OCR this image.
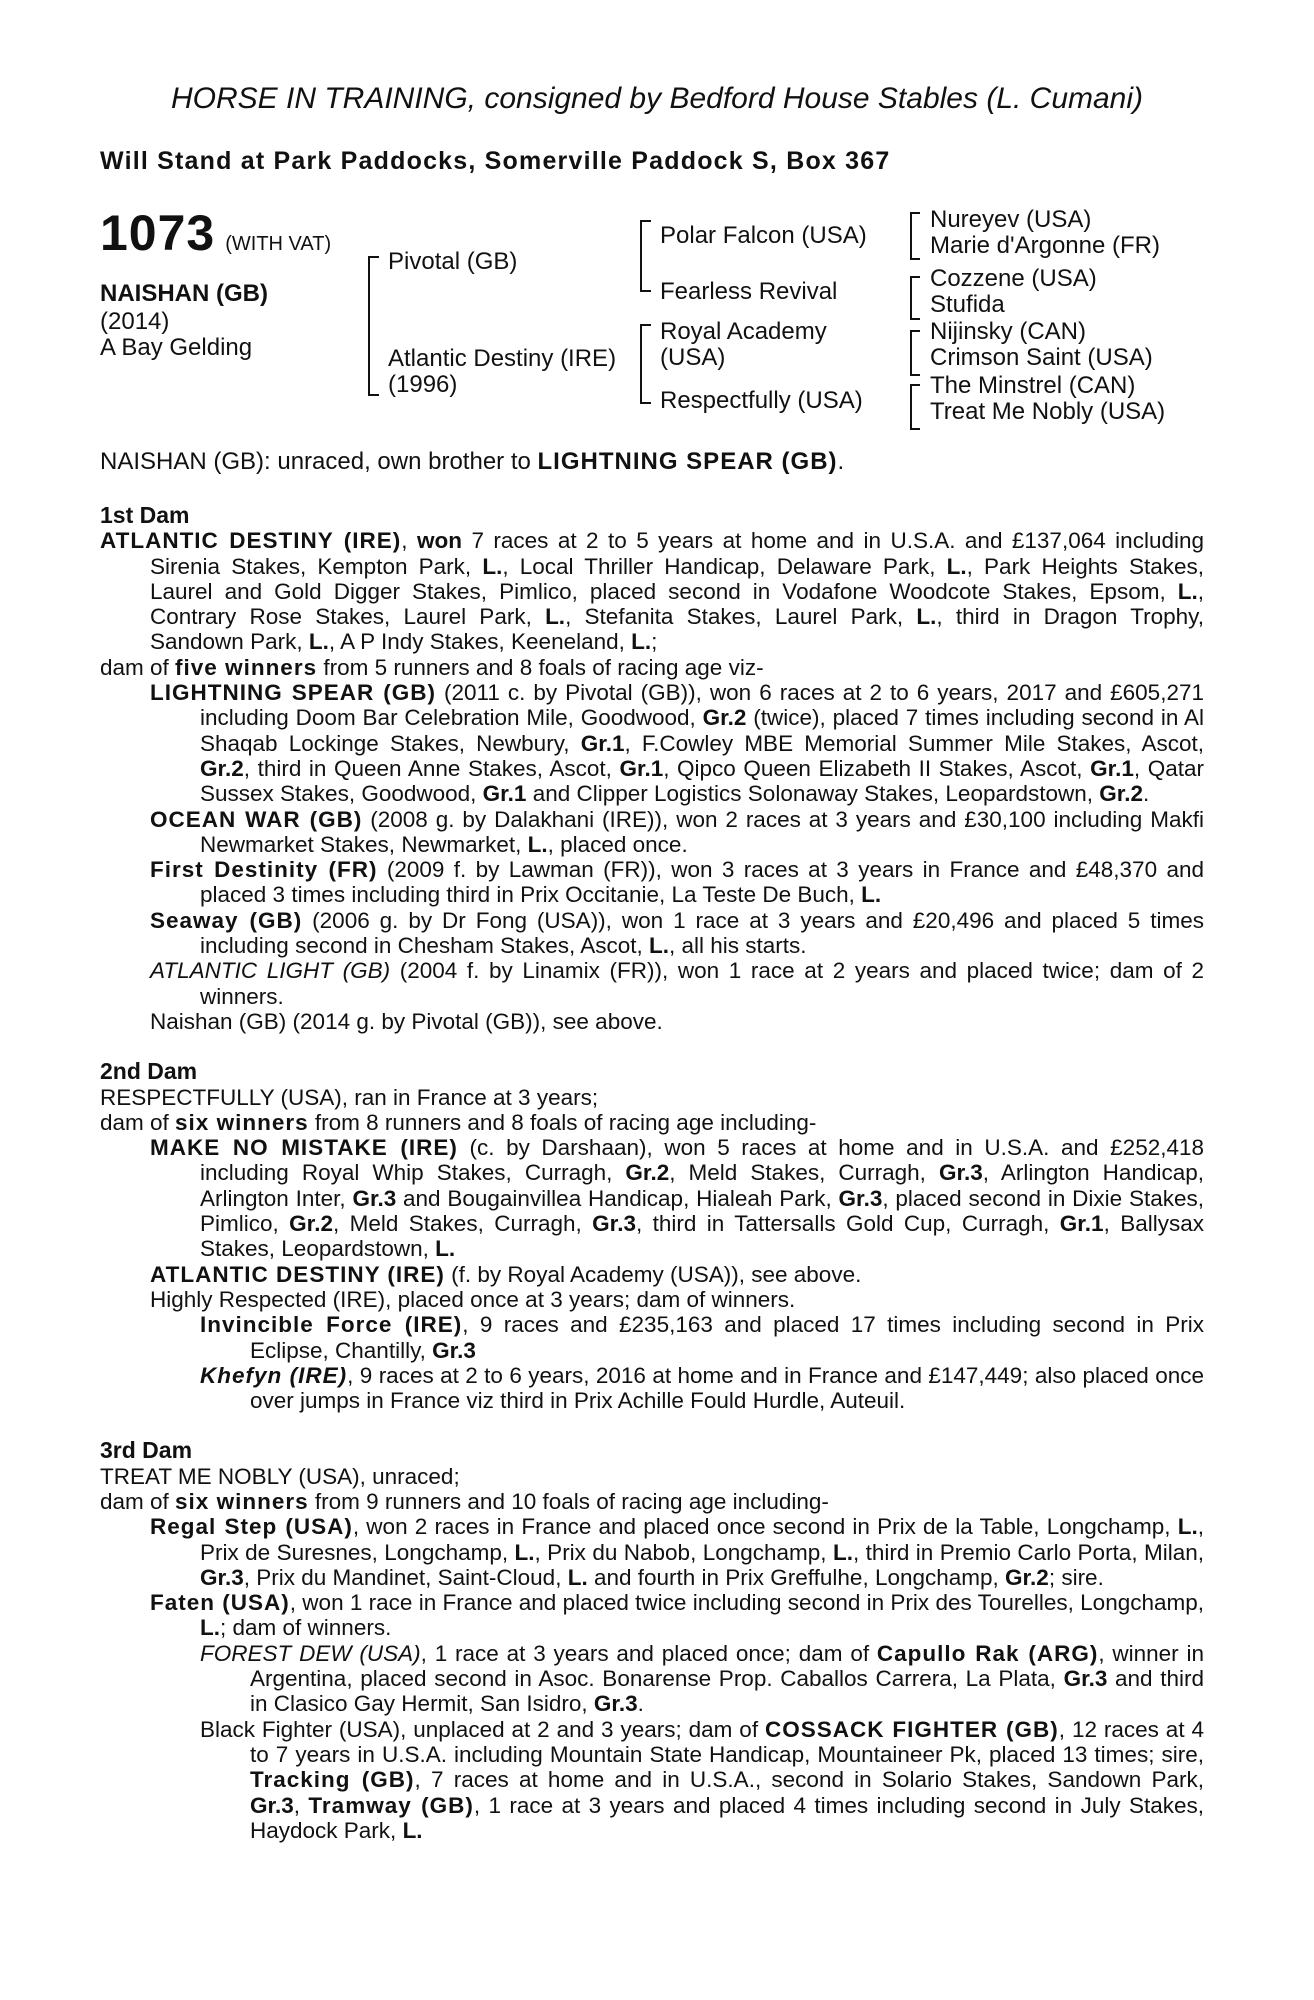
HORSE IN TRAINING, consigned by Bedford House Stables (L. Cumani)
Will Stand at Park Paddocks, Somerville Paddock S, Box 367
1073 (WITH VAT)
NAISHAN (GB)
(2014)
A Bay Gelding
Pivotal (GB)
Atlantic Destiny (IRE)
(1996)
Polar Falcon (USA)
Fearless Revival
Royal Academy
(USA)
Respectfully (USA)
Nureyev (USA)
Marie d'Argonne (FR)
Cozzene (USA)
Stufida
Nijinsky (CAN)
Crimson Saint (USA)
The Minstrel (CAN)
Treat Me Nobly (USA)
NAISHAN (GB): unraced, own brother to LIGHTNING SPEAR (GB).

1st Dam

ATLANTIC DESTINY (IRE), won 7 races at 2 to 5 years at home and in U.S.A. and £137,064 including Sirenia Stakes, Kempton Park, L., Local Thriller Handicap, Delaware Park, L., Park Heights Stakes, Laurel and Gold Digger Stakes, Pimlico, placed second in Vodafone Woodcote Stakes, Epsom, L., Contrary Rose Stakes, Laurel Park, L., Stefanita Stakes, Laurel Park, L., third in Dragon Trophy, Sandown Park, L., A P Indy Stakes, Keeneland, L.;

dam of five winners from 5 runners and 8 foals of racing age viz-

LIGHTNING SPEAR (GB) (2011 c. by Pivotal (GB)), won 6 races at 2 to 6 years, 2017 and £605,271 including Doom Bar Celebration Mile, Goodwood, Gr.2 (twice), placed 7 times including second in Al Shaqab Lockinge Stakes, Newbury, Gr.1, F.Cowley MBE Memorial Summer Mile Stakes, Ascot, Gr.2, third in Queen Anne Stakes, Ascot, Gr.1, Qipco Queen Elizabeth II Stakes, Ascot, Gr.1, Qatar Sussex Stakes, Goodwood, Gr.1 and Clipper Logistics Solonaway Stakes, Leopardstown, Gr.2.

OCEAN WAR (GB) (2008 g. by Dalakhani (IRE)), won 2 races at 3 years and £30,100 including Makfi Newmarket Stakes, Newmarket, L., placed once.

First Destinity (FR) (2009 f. by Lawman (FR)), won 3 races at 3 years in France and £48,370 and placed 3 times including third in Prix Occitanie, La Teste De Buch, L.

Seaway (GB) (2006 g. by Dr Fong (USA)), won 1 race at 3 years and £20,496 and placed 5 times including second in Chesham Stakes, Ascot, L., all his starts.

ATLANTIC LIGHT (GB) (2004 f. by Linamix (FR)), won 1 race at 2 years and placed twice; dam of 2 winners.

Naishan (GB) (2014 g. by Pivotal (GB)), see above.

2nd Dam

RESPECTFULLY (USA), ran in France at 3 years;

dam of six winners from 8 runners and 8 foals of racing age including-

MAKE NO MISTAKE (IRE) (c. by Darshaan), won 5 races at home and in U.S.A. and £252,418 including Royal Whip Stakes, Curragh, Gr.2, Meld Stakes, Curragh, Gr.3, Arlington Handicap, Arlington Inter, Gr.3 and Bougainvillea Handicap, Hialeah Park, Gr.3, placed second in Dixie Stakes, Pimlico, Gr.2, Meld Stakes, Curragh, Gr.3, third in Tattersalls Gold Cup, Curragh, Gr.1, Ballysax Stakes, Leopardstown, L.

ATLANTIC DESTINY (IRE) (f. by Royal Academy (USA)), see above.

Highly Respected (IRE), placed once at 3 years; dam of winners.

Invincible Force (IRE), 9 races and £235,163 and placed 17 times including second in Prix Eclipse, Chantilly, Gr.3

Khefyn (IRE), 9 races at 2 to 6 years, 2016 at home and in France and £147,449; also placed once over jumps in France viz third in Prix Achille Fould Hurdle, Auteuil.

3rd Dam

TREAT ME NOBLY (USA), unraced;

dam of six winners from 9 runners and 10 foals of racing age including-

Regal Step (USA), won 2 races in France and placed once second in Prix de la Table, Longchamp, L., Prix de Suresnes, Longchamp, L., Prix du Nabob, Longchamp, L., third in Premio Carlo Porta, Milan, Gr.3, Prix du Mandinet, Saint-Cloud, L. and fourth in Prix Greffulhe, Longchamp, Gr.2; sire.

Faten (USA), won 1 race in France and placed twice including second in Prix des Tourelles, Longchamp, L.; dam of winners.

FOREST DEW (USA), 1 race at 3 years and placed once; dam of Capullo Rak (ARG), winner in Argentina, placed second in Asoc. Bonarense Prop. Caballos Carrera, La Plata, Gr.3 and third in Clasico Gay Hermit, San Isidro, Gr.3.

Black Fighter (USA), unplaced at 2 and 3 years; dam of COSSACK FIGHTER (GB), 12 races at 4 to 7 years in U.S.A. including Mountain State Handicap, Mountaineer Pk, placed 13 times; sire, Tracking (GB), 7 races at home and in U.S.A., second in Solario Stakes, Sandown Park, Gr.3, Tramway (GB), 1 race at 3 years and placed 4 times including second in July Stakes, Haydock Park, L.
